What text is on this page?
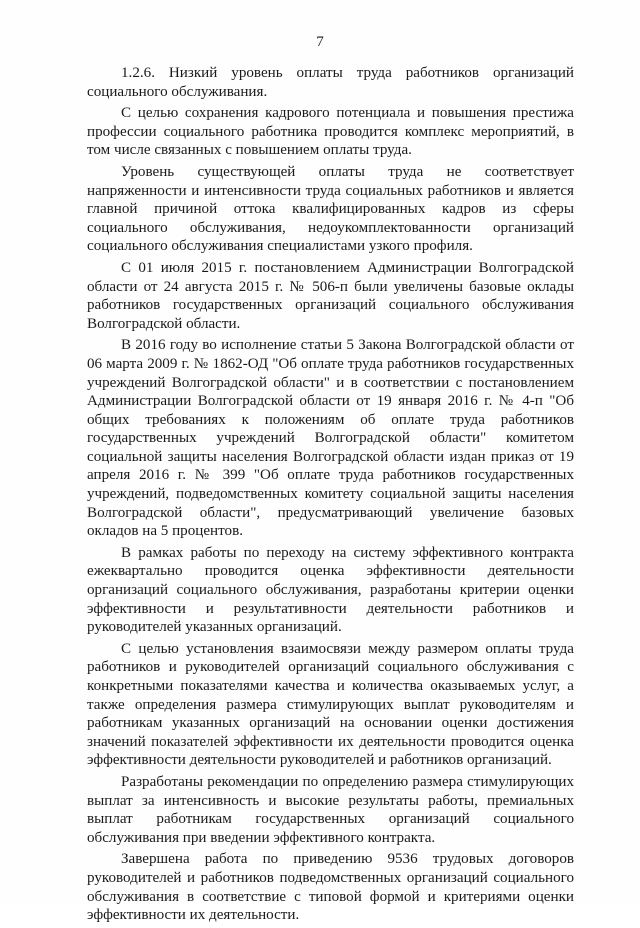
7

1.2.6. Низкий уровень оплаты труда работников организаций социального обслуживания.

С целью сохранения кадрового потенциала и повышения престижа профессии социального работника проводится комплекс мероприятий, в том числе связанных с повышением оплаты труда.

Уровень существующей оплаты труда не соответствует напряженности и интенсивности труда социальных работников и является главной причиной оттока квалифицированных кадров из сферы социального обслуживания, недоукомплектованности организаций социального обслуживания специалистами узкого профиля.

С 01 июля 2015 г. постановлением Администрации Волгоградской области от 24 августа 2015 г. № 506-п были увеличены базовые оклады работников государственных организаций социального обслуживания Волгоградской области.

В 2016 году во исполнение статьи 5 Закона Волгоградской области от 06 марта 2009 г. № 1862-ОД "Об оплате труда работников государственных учреждений Волгоградской области" и в соответствии с постановлением Администрации Волгоградской области от 19 января 2016 г. № 4-п "Об общих требованиях к положениям об оплате труда работников государственных учреждений Волгоградской области" комитетом социальной защиты населения Волгоградской области издан приказ от 19 апреля 2016 г. № 399 "Об оплате труда работников государственных учреждений, подведомственных комитету социальной защиты населения Волгоградской области", предусматривающий увеличение базовых окладов на 5 процентов.

В рамках работы по переходу на систему эффективного контракта ежеквартально проводится оценка эффективности деятельности организаций социального обслуживания, разработаны критерии оценки эффективности и результативности деятельности работников и руководителей указанных организаций.

С целью установления взаимосвязи между размером оплаты труда работников и руководителей организаций социального обслуживания с конкретными показателями качества и количества оказываемых услуг, а также определения размера стимулирующих выплат руководителям и работникам указанных организаций на основании оценки достижения значений показателей эффективности их деятельности проводится оценка эффективности деятельности руководителей и работников организаций.

Разработаны рекомендации по определению размера стимулирующих выплат за интенсивность и высокие результаты работы, премиальных выплат работникам государственных организаций социального обслуживания при введении эффективного контракта.

Завершена работа по приведению 9536 трудовых договоров руководителей и работников подведомственных организаций социального обслуживания в соответствие с типовой формой и критериями оценки эффективности их деятельности.
